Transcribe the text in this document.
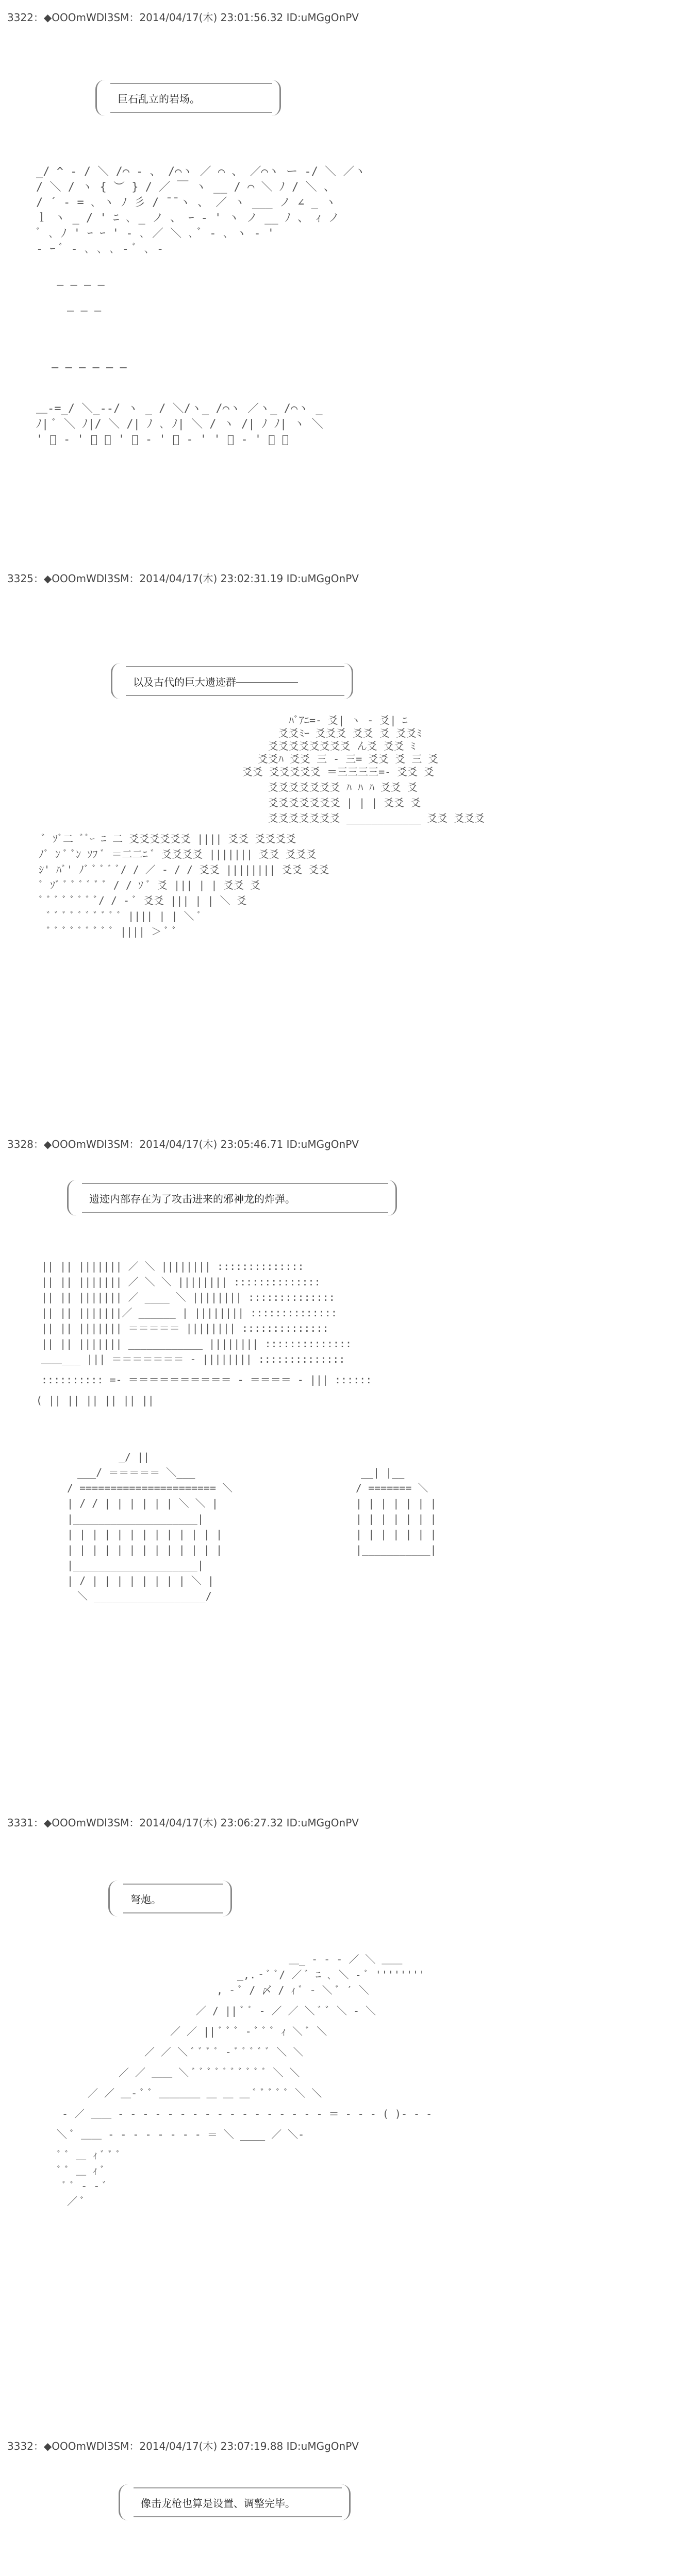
3322：◆OOOmWDl3SM：2014/04/17(木) 23:01:56.32 ID:uMGgOnPV
巨石乱立的岩场。
_/ ^ ‐ / ＼ /⌒ ‐ 、 /⌒ヽ ／ ⌒ 、 ／⌒ヽ ー ‐/ ＼ ／ヽ
/ ＼ / ヽ { ︶ } / ／ ￣ ヽ __ / ⌒ ＼ ﾉ / ＼ 、
/ ´ ‐ = ､ ヽ ﾉ 彡 / ̄ ̄ ヽ 、 ／ ヽ ___ ノ ∠ _ ヽ
ｌ ヽ _ / ' ﾆ ､ _ ノ 、 ｰ - ' ヽ ノ __ ﾉ 、 ｨ ノ
ﾞ ､ ﾉ ' ｰ ｰ ' ‐ ､ ／ ＼ ､ ﾞ ‐ ､ ヽ ‐ '
‐ ｰ ﾞ ‐ ､ ､ ､ ‐ ﾞ ､ ‐
― ― ― ―
― ― ―
― ― ― ― ― ―
＿‐=_/ ＼_‐‐/ ヽ _ / ＼/ヽ_ /⌒ヽ ／ヽ_ /⌒ヽ _
ﾉ| ﾞ ＼ ﾉ|/ ＼ /| ﾉ ､ ﾉ| ＼ / ヽ /| ﾉ ﾉ| ヽ ＼
' ﾞ ‐ ' ﾞ ､ ' ﾞ ‐ ' ﾞ ‐ ' ' ﾞ ‐ ' ﾞ ﾞ
3325：◆OOOmWDl3SM：2014/04/17(木) 23:02:31.19 ID:uMGgOnPV
以及古代的巨大遗迹群――――――
ﾊﾞｱﾆ=‐ 爻| ヽ ‐ 爻| ﾆ
爻爻ﾐｰ 爻爻爻 爻爻 爻 爻爻ﾐ
爻爻爻爻爻爻爻爻 ん爻 爻爻 ﾐ
爻爻ﾊ 爻爻 三 ‐ 三= 爻爻 爻 三 爻
爻爻 爻爻爻爻爻 ＝三三三三=‐ 爻爻 爻
爻爻爻爻爻爻爻 ﾊ ﾊ ﾊ 爻爻 爻
爻爻爻爻爻爻爻 | | | 爻爻 爻
爻爻爻爻爻爻爻 ____________ 爻爻 爻爻爻
ﾞ ｿﾞ二 ﾞﾞｰ ﾆ 二 爻爻爻爻爻爻 |||| 爻爻 爻爻爻爻
ﾉﾞ ﾝ ﾞ ﾞﾝ ｿﾌ ﾞ ＝二二ﾆ ﾞ 爻爻爻爻 ||||||| 爻爻 爻爻爻
ｼ' ﾊﾞ' ﾉﾞ ﾞ ﾞ ﾞ ﾞ/ / ／ ‐ / / 爻爻 |||||||| 爻爻 爻爻
ﾞ ｿﾞ ﾞ ﾞ ﾞ ﾞ ﾞ ﾞ / / ｿ ﾞ 爻 ||| | | 爻爻 爻
ﾞ ﾞ ﾞ ﾞ ﾞ ﾞ ﾞ ﾞ/ / ‐ ﾞ 爻爻 ||| | | ＼ 爻
ﾞ ﾞ ﾞ ﾞ ﾞ ﾞ ﾞ ﾞ ﾞ ﾞ |||| | | ＼ ﾞ
ﾞ ﾞ ﾞ ﾞ ﾞ ﾞ ﾞ ﾞ ﾞ |||| ＞ ﾞ ﾞ
3328：◆OOOmWDl3SM：2014/04/17(木) 23:05:46.71 ID:uMGgOnPV
遗迹内部存在为了攻击进来的邪神龙的炸弹。
|| || ||||||| ／ ＼ |||||||| ::::::::::::::
|| || ||||||| ／ ＼ ＼ |||||||| ::::::::::::::
|| || ||||||| ／ ____ ＼ |||||||| ::::::::::::::
|| || |||||||／ ______ | |||||||| ::::::::::::::
|| || ||||||| ＝＝＝＝＝ |||||||| ::::::::::::::
|| || ||||||| ____________ |||||||| ::::::::::::::
＿＿___ ||| ＝＝＝＝＝＝＝ ‐ |||||||| ::::::::::::::
:::::::::: =‐ ＝＝＝＝＝＝＝＝＝＝ ‐ ＝＝＝＝ ‐ ||| ::::::
( || || || || || ||
_/ ||
___/ ＝＝＝＝＝ ＼___
/ ====================== ＼
| / / | | | | | | ＼ ＼ |
|____________________|
| | | | | | | | | | | | |
| | | | | | | | | | | | |
|____________________|
| / | | | | | | | | ＼ |
＼ __________________/
__| |__
/ ======= ＼
| | | | | | |
| | | | | | |
| | | | | | |
|___________|
3331：◆OOOmWDl3SM：2014/04/17(木) 23:06:27.32 ID:uMGgOnPV
弩炮。
＿_ ‐ ‐ ‐ ／ ＼ ＿＿
_,.‐ﾞ ﾞ/ ／ ﾞ ﾆ ､ ＼ ‐ ﾞ ''''''''
, ‐ ﾞ / 〆 / ｨ ﾞ ‐ ＼ ﾞ ′ ＼
／ / || ﾞ ﾞ ‐ ／ ／ ＼ ﾞ ﾞ ＼ ‐ ＼
／ ／ || ﾞ ﾞ ﾞ ‐ ﾞ ﾞ ﾞ ｨ ＼ ﾞ ＼
／ ／ ＼ ﾞ ﾞ ﾞ ﾞ ‐ ﾞ ﾞ ﾞ ﾞ ﾞ ＼ ＼
／ ／ ＿＿ ＼ ﾞ ﾞ ﾞ ﾞ ﾞ ﾞ ﾞ ﾞ ﾞ ﾞ ＼ ＼
／ ／ ＿‐ ﾞ ﾞ ＿＿＿＿ ＿ ＿ ＿ ﾞ ﾞ ﾞ ﾞ ﾞ ＼ ＼
‐ ／ ＿＿ ‐ ‐ ‐ ‐ ‐ ‐ ‐ ‐ ‐ ‐ ‐ ‐ ‐ ‐ ‐ ‐ ‐ ＝ ‐ ‐ ‐ ( )‐ ‐ ‐
＼ ﾞ ＿＿ ‐ ‐ ‐ ‐ ‐ ‐ ‐ ‐ ＝ ＼ ____ ／ ＼‐
ﾞ ﾞ ＿ ｨ ﾞ ﾞ ﾞ
ﾞ ﾞ ＿ ｨ ﾞ
ﾞ ﾞ ‐ ‐ ﾞ
／ ﾞ
3332：◆OOOmWDl3SM：2014/04/17(木) 23:07:19.88 ID:uMGgOnPV
像击龙枪也算是设置、调整完毕。
